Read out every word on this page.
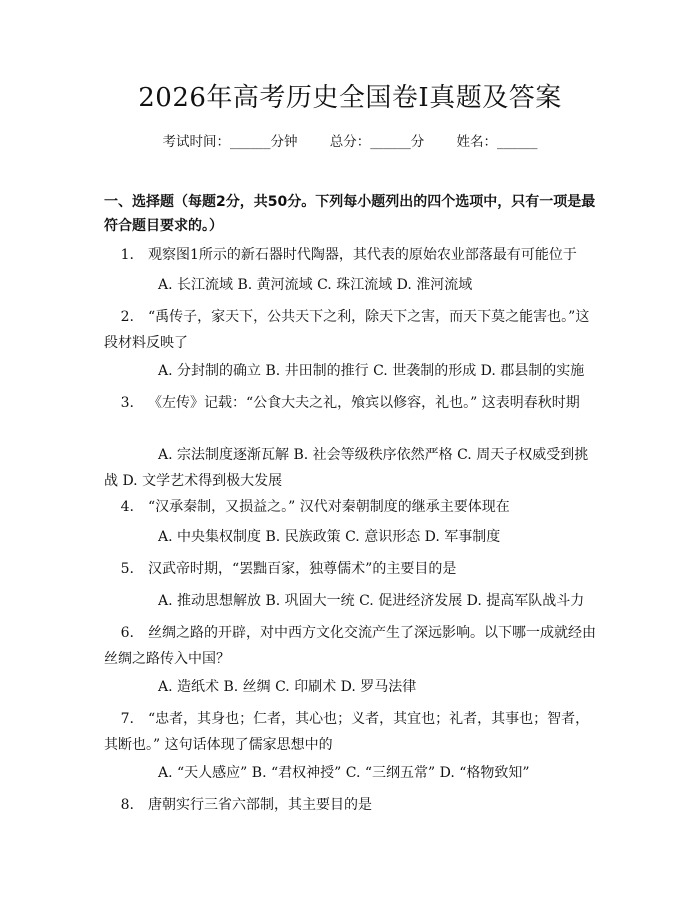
2026年高考历史全国卷Ⅰ真题及答案
考试时间：______分钟 总分：______分 姓名：______
一、选择题（每题2分，共50分。下列每小题列出的四个选项中，只有一项是最符合题目要求的。）
1. 观察图1所示的新石器时代陶器，其代表的原始农业部落最有可能位于
A. 长江流域 B. 黄河流域 C. 珠江流域 D. 淮河流域
2. “禹传子，家天下，公共天下之利，除天下之害，而天下莫之能害也。”这段材料反映了
A. 分封制的确立 B. 井田制的推行 C. 世袭制的形成 D. 郡县制的实施
3. 《左传》记载：“公食大夫之礼，飧宾以修容，礼也。” 这表明春秋时期
A. 宗法制度逐渐瓦解 B. 社会等级秩序依然严格 C. 周天子权威受到挑战 D. 文学艺术得到极大发展
4. “汉承秦制，又损益之。” 汉代对秦朝制度的继承主要体现在
A. 中央集权制度 B. 民族政策 C. 意识形态 D. 军事制度
5. 汉武帝时期，“罢黜百家，独尊儒术”的主要目的是
A. 推动思想解放 B. 巩固大一统 C. 促进经济发展 D. 提高军队战斗力
6. 丝绸之路的开辟，对中西方文化交流产生了深远影响。以下哪一成就经由丝绸之路传入中国？
A. 造纸术 B. 丝绸 C. 印刷术 D. 罗马法律
7. “忠者，其身也；仁者，其心也；义者，其宜也；礼者，其事也；智者，其断也。” 这句话体现了儒家思想中的
A. “天人感应” B. “君权神授” C. “三纲五常” D. “格物致知”
8. 唐朝实行三省六部制，其主要目的是
